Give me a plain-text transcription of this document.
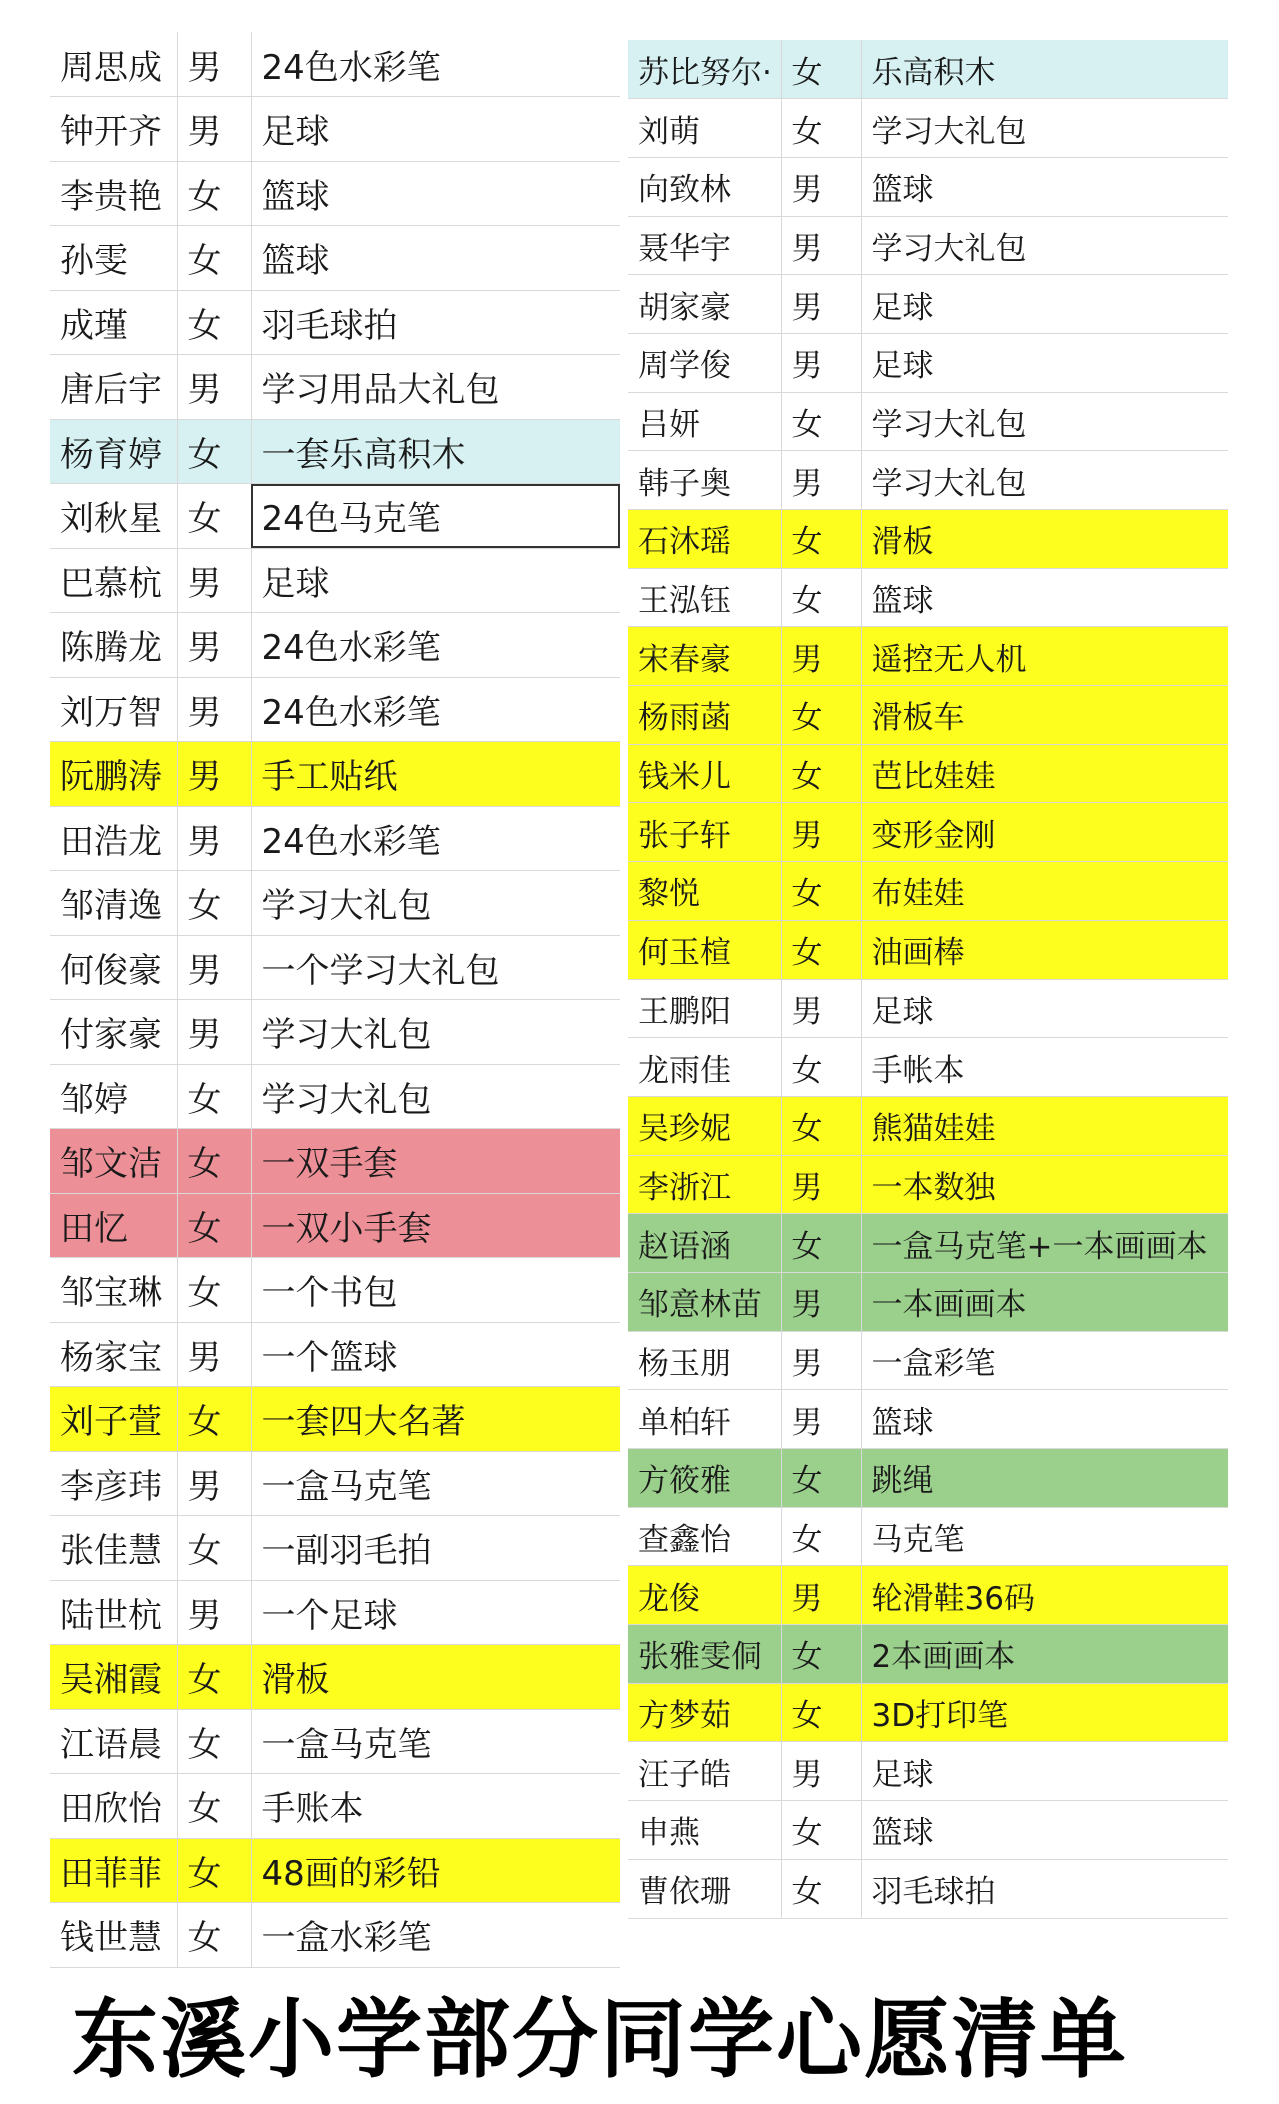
周思成	男	24色水彩笔
钟开齐	男	足球
李贵艳	女	篮球
孙雯	女	篮球
成瑾	女	羽毛球拍
唐后宇	男	学习用品大礼包
杨育婷	女	一套乐高积木
刘秋星	女	24色马克笔
巴慕杭	男	足球
陈腾龙	男	24色水彩笔
刘万智	男	24色水彩笔
阮鹏涛	男	手工贴纸
田浩龙	男	24色水彩笔
邹清逸	女	学习大礼包
何俊豪	男	一个学习大礼包
付家豪	男	学习大礼包
邹婷	女	学习大礼包
邹文洁	女	一双手套
田忆	女	一双小手套
邹宝琳	女	一个书包
杨家宝	男	一个篮球
刘子萱	女	一套四大名著
李彦玮	男	一盒马克笔
张佳慧	女	一副羽毛拍
陆世杭	男	一个足球
吴湘霞	女	滑板
江语晨	女	一盒马克笔
田欣怡	女	手账本
田菲菲	女	48画的彩铅
钱世慧	女	一盒水彩笔
苏比努尔·	女	乐高积木
刘萌	女	学习大礼包
向致林	男	篮球
聂华宇	男	学习大礼包
胡家豪	男	足球
周学俊	男	足球
吕妍	女	学习大礼包
韩子奥	男	学习大礼包
石沐瑶	女	滑板
王泓钰	女	篮球
宋春豪	男	遥控无人机
杨雨菡	女	滑板车
钱米儿	女	芭比娃娃
张子轩	男	变形金刚
黎悦	女	布娃娃
何玉楦	女	油画棒
王鹏阳	男	足球
龙雨佳	女	手帐本
吴珍妮	女	熊猫娃娃
李浙江	男	一本数独
赵语涵	女	一盒马克笔+一本画画本
邹意林苗	男	一本画画本
杨玉朋	男	一盒彩笔
单柏轩	男	篮球
方筱雅	女	跳绳
查鑫怡	女	马克笔
龙俊	男	轮滑鞋36码
张雅雯侗	女	2本画画本
方梦茹	女	3D打印笔
汪子皓	男	足球
申燕	女	篮球
曹依珊	女	羽毛球拍
东溪小学部分同学心愿清单
